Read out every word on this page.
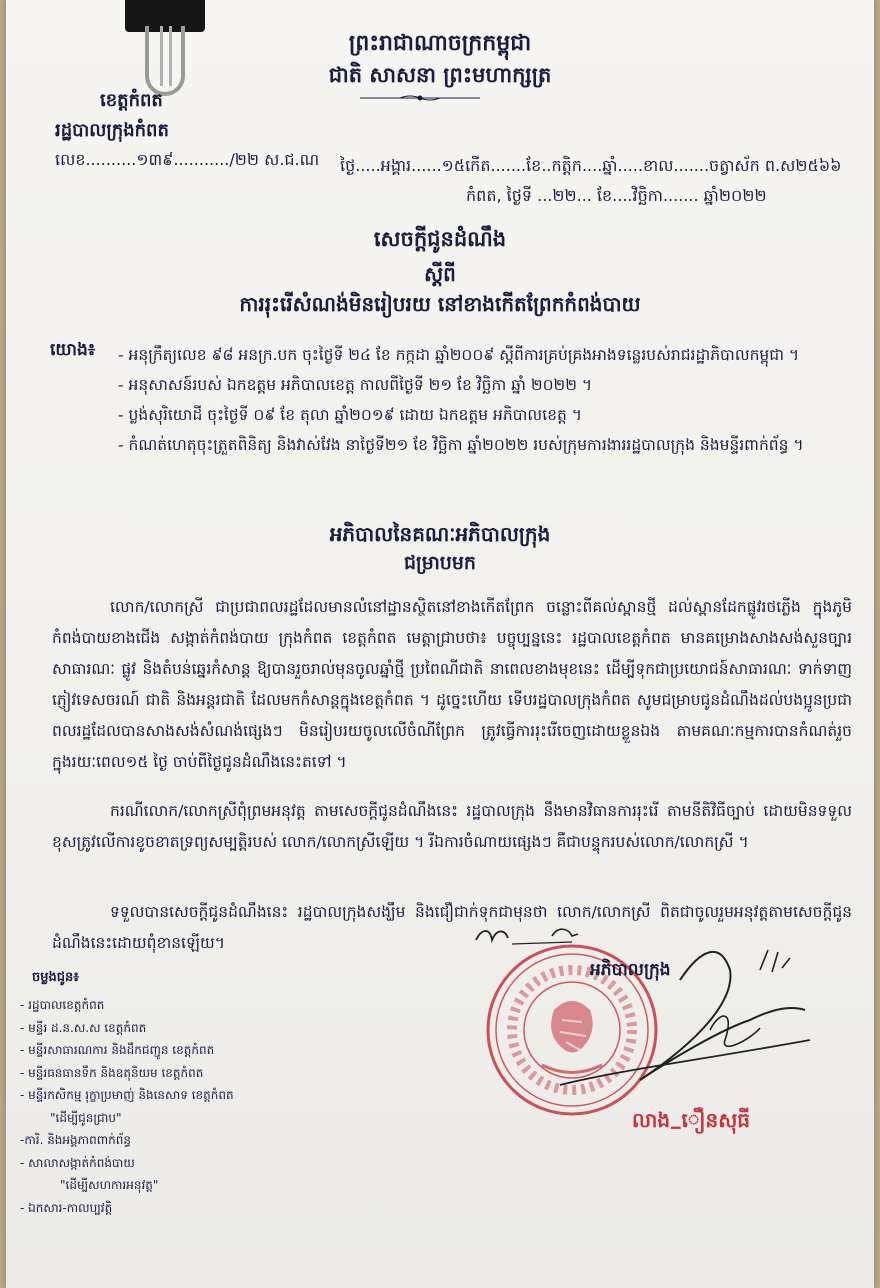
ព្រះរាជាណាចក្រកម្ពុជា
ជាតិ សាសនា ព្រះមហាក្សត្រ
ខេត្តកំពត
រដ្ឋបាលក្រុងកំពត
លេខ..........១៣៩.........../២២ ស.ជ.ណ ថ្ងៃ.....អង្គារ......១៥កើត.......ខែ..កត្តិក....ឆ្នាំ.....ខាល.......ចត្វាស័ក ព.ស២៥៦៦
កំពត, ថ្ងៃទី ...២២... ខែ....វិច្ឆិកា....... ឆ្នាំ២០២២
សេចក្តីជូនដំណឹង
ស្តីពី
ការរុះរើសំណង់មិនរៀបរយ នៅខាងកើតព្រែកកំពង់បាយ
យោង៖ - អនុក្រឹត្យលេខ ៩៨ អនក្រ.បក ចុះថ្ងៃទី ២៤ ខែ កក្កដា ឆ្នាំ២០០៩ ស្តីពីការគ្រប់គ្រងអាងទន្លេរបស់រាជរដ្ឋាភិបាលកម្ពុជា ។
- អនុសាសន៍របស់ ឯកឧត្តម អភិបាលខេត្ត កាលពីថ្ងៃទី ២១ ខែ វិច្ឆិកា ឆ្នាំ ២០២២ ។
- ប្លង់សុរិយោដី ចុះថ្ងៃទី ០៩ ខែ តុលា ឆ្នាំ២០១៩ ដោយ ឯកឧត្តម អភិបាលខេត្ត ។
- កំណត់ហេតុចុះត្រួតពិនិត្យ និងវាស់វែង នាថ្ងៃទី២១ ខែ វិច្ឆិកា ឆ្នាំ២០២២ របស់ក្រុមការងាររដ្ឋបាលក្រុង និងមន្ទីរពាក់ព័ន្ធ ។
អភិបាលនៃគណៈអភិបាលក្រុង
ជម្រាបមក
លោក/លោកស្រី ជាប្រជាពលរដ្ឋដែលមានលំនៅដ្ឋានស្ថិតនៅខាងកើតព្រែក ចន្លោះពីគល់ស្ពានថ្មី ដល់ស្ពានដែកផ្លូវរថភ្លើង ក្នុងភូមិកំពង់បាយខាងជើង សង្កាត់កំពង់បាយ ក្រុងកំពត ខេត្តកំពត មេត្តាជ្រាបថា៖ បច្ចុប្បន្ននេះ រដ្ឋបាលខេត្តកំពត មានគម្រោងសាងសង់សួនច្បារសាធារណៈ ផ្លូវ និងតំបន់ឆ្នេរកំសាន្ត ឱ្យបានរួចរាល់មុនចូលឆ្នាំថ្មី ប្រពៃណីជាតិ នាពេលខាងមុខនេះ ដើម្បីទុកជាប្រយោជន៍សាធារណៈ ទាក់ទាញភ្ញៀវទេសចរណ៍ ជាតិ និងអន្តរជាតិ ដែលមកកំសាន្តក្នុងខេត្តកំពត ។ ដូច្នេះហើយ ទើបរដ្ឋបាលក្រុងកំពត សូមជម្រាបជូនដំណឹងដល់បងប្អូនប្រជាពលរដ្ឋដែលបានសាងសង់សំណង់ផ្សេងៗ មិនរៀបរយចូលលើចំណីព្រែក ត្រូវធ្វើការរុះរើចេញដោយខ្លួនឯង តាមគណៈកម្មការបានកំណត់រួច ក្នុងរយៈពេល១៥ ថ្ងៃ ចាប់ពីថ្ងៃជូនដំណឹងនេះតទៅ ។
ករណីលោក/លោកស្រីពុំព្រមអនុវត្ត តាមសេចក្តីជូនដំណឹងនេះ រដ្ឋបាលក្រុង នឹងមានវិធានការរុះរើ តាមនីតិវិធីច្បាប់ ដោយមិនទទួលខុសត្រូវលើការខូចខាតទ្រព្យសម្បត្តិរបស់ លោក/លោកស្រីឡើយ ។ រីឯការចំណាយផ្សេងៗ គឺជាបន្ទុករបស់លោក/លោកស្រី ។
ទទួលបានសេចក្តីជូនដំណឹងនេះ រដ្ឋបាលក្រុងសង្ឃឹម និងជឿជាក់ទុកជាមុនថា លោក/លោកស្រី ពិតជាចូលរួមអនុវត្តតាមសេចក្តីជូនដំណឹងនេះដោយពុំខានឡើយ។
ចម្លងជូន៖
- រដ្ឋបាលខេត្តកំពត
- មន្ទីរ ដ.ន.ស.ស ខេត្តកំពត
- មន្ទីរសាធារណការ និងដឹកជញ្ជូន ខេត្តកំពត
- មន្ទីរធនធានទឹក និងឧតុនិយម ខេត្តកំពត
- មន្ទីរកសិកម្ម រុក្ខាប្រមាញ់ និងនេសាទ ខេត្តកំពត
"ដើម្បីជូនជ្រាប"
-ការិ. និងអង្គភាពពាក់ព័ន្ធ
- សាលាសង្កាត់កំពង់បាយ
"ដើម្បីសហការអនុវត្ត"
- ឯកសារ-កាលប្បវត្តិ
អភិបាលក្រុង
លាង_ឿនសុធី
